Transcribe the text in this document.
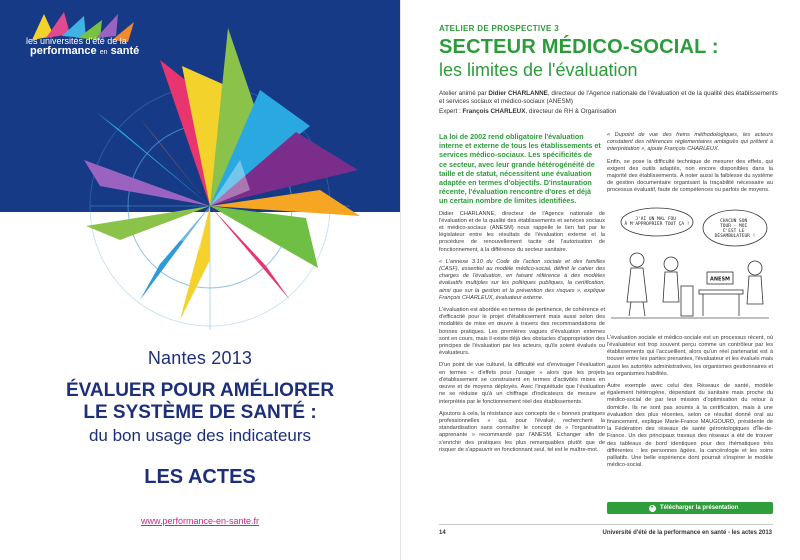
les universités d'été de la
performance en santé
Nantes 2013
ÉVALUER POUR AMÉLIORER
LE SYSTÈME DE SANTÉ :
du bon usage des indicateurs
LES ACTES
www.performance-en-sante.fr
ATELIER DE PROSPECTIVE 3
SECTEUR MÉDICO-SOCIAL :
les limites de l'évaluation
Atelier animé par Didier CHARLANNE, directeur de l'Agence nationale de l'évaluation et de la qualité des établissements et services sociaux et médico-sociaux (ANESM)
Expert : François CHARLEUX, directeur de RH & Organisation

La loi de 2002 rend obligatoire l'évaluation interne et externe de tous les établissements et services médico-sociaux. Les spécificités de ce secteur, avec leur grande hétérogénéité de taille et de statut, nécessitent une évaluation adaptée en termes d'objectifs. D'instauration récente, l'évaluation rencontre d'ores et déjà un certain nombre de limites identifiées.

Didier CHARLANNE, directeur de l'Agence nationale de l'évaluation et de la qualité des établissements et services sociaux et médico-sociaux (ANESM) nous rappelle le lien fait par le législateur entre les résultats de l'évaluation externe et la procédure de renouvellement tacite de l'autorisation de fonctionnement, à la différence du secteur sanitaire.

« L'annexe 3.10 du Code de l'action sociale et des familles (CASF), essentiel au modèle médico-social, définit le cahier des charges de l'évaluation, en faisant référence à des modèles évaluatifs multiples sur les politiques publiques, la certification, ainsi que sur la gestion et la prévention des risques », explique François CHARLEUX, évaluateur externe.

L'évaluation est abordée en termes de pertinence, de cohérence et d'efficacité pour le projet d'établissement mais aussi selon des modalités de mise en œuvre à travers des recommandations de bonnes pratiques. Les premières vagues d'évaluation externes sont en cours, mais il existe déjà des obstacles d'appropriation des principes de l'évaluation par les acteurs, qu'ils soient évalués ou évaluateurs.

D'un point de vue culturel, la difficulté est d'envisager l'évaluation en termes « d'effets pour l'usager » alors que les projets d'établissement se construisent en termes d'activités mises en œuvre et de moyens déployés. Avec l'inquiétude que l'évaluation ne se réduise qu'à un chiffrage d'indicateurs de mesure et interprétés par le fonctionnement réel des établissements.

Ajoutons à cela, la résistance aux concepts de « bonnes pratiques professionnelles » qui, pour l'évalué, recherchent la standardisation sans connaître le concept de « l'organisation apprenante » recommandé par l'ANESM. Echanger afin de s'enrichir des pratiques les plus remarquables plutôt que de risquer de s'appauvrir en fonctionnant seul, tel est le maître-mot.

« Dupoint de vue des freins méthodologiques, les acteurs constatent des références réglementaires ambiguës qui prêtent à interprétation », ajoute François CHARLEUX.

Enfin, se pose la difficulté technique de mesurer des effets, qui exigent des outils adaptés, non encore disponibles dans la majorité des établissements. À noter aussi la faiblesse du système de gestion documentaire organisant la traçabilité nécessaire au processus évaluatif, faute de compétences ou parfois de moyens.

J'AI UN MAL FOU À M'APPROPRIER TOUT ÇA !
CHACUN SON TOUR - MOI C'EST LE DÉSAMBULATEUR !
ANESM

L'évaluation sociale et médico-sociale est un processus récent, où l'évaluateur est trop souvent perçu comme un contrôleur par les établissements qui l'accueillent, alors qu'un réel partenariat est à trouver entre les parties prenantes, l'évaluateur et les évalués mais aussi les autorités administratives, les organismes gestionnaires et les organismes habilités.

Autre exemple avec celui des Réseaux de santé, modèle également hétérogène, dépendant du sanitaire mais proche du médico-social de par leur mission d'optimisation du retour à domicile. Ils ne sont pas soumis à la certification, mais à une évaluation des plus récentes, selon ce résultat donné oral au financement, explique Marie-France MAUGOURD, présidente de la Fédération des réseaux de santé gérontologiques d'Île-de-France. Un des principaux travaux des réseaux a été de trouver des tableaux de bord identiques pour des thématiques très différentes : les personnes âgées, la cancérologie et les soins palliatifs. Une belle expérience dont pourrait s'inspirer le modèle médico-social.

Télécharger la présentation
14	Université d'été de la performance en santé - les actes 2013
